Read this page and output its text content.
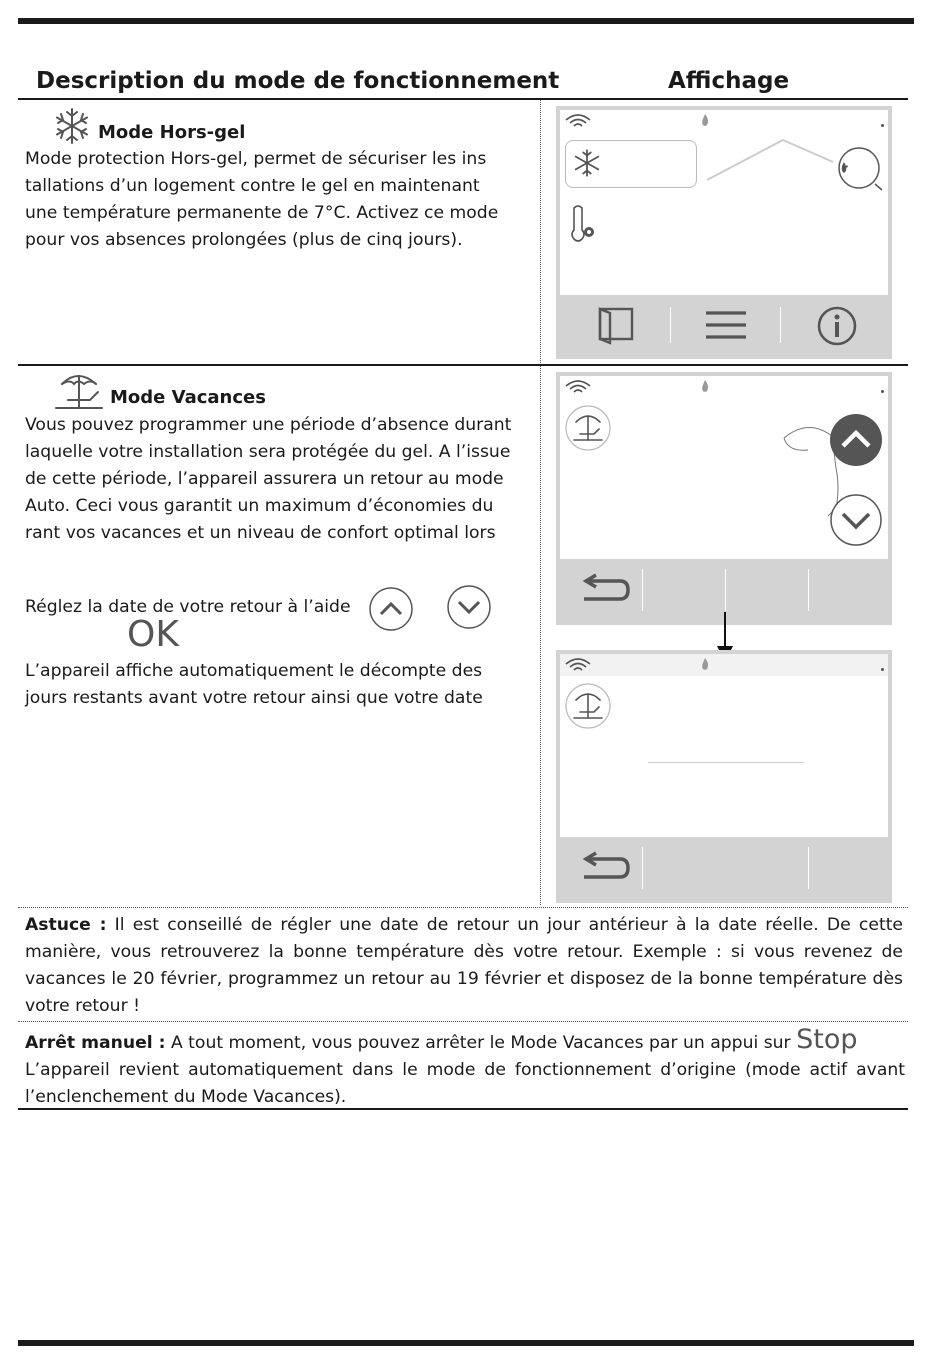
Description du mode de fonctionnement	Affichage
Mode Hors-gel
Mode protection Hors-gel, permet de sécuriser les ins
tallations d’un logement contre le gel en maintenant
une température permanente de 7°C. Activez ce mode
pour vos absences prolongées (plus de cinq jours).
Mode Vacances
Vous pouvez programmer une période d’absence durant
laquelle votre installation sera protégée du gel. A l’issue
de cette période, l’appareil assurera un retour au mode
Auto. Ceci vous garantit un maximum d’économies du
rant vos vacances et un niveau de confort optimal lors
Réglez la date de votre retour à l’aide
OK
L’appareil affiche automatiquement le décompte des
jours restants avant votre retour ainsi que votre date
Astuce : Il est conseillé de régler une date de retour un jour antérieur à la date réelle. De cette manière, vous retrouverez la bonne température dès votre retour. Exemple : si vous revenez de vacances le 20 février, programmez un retour au 19 février et disposez de la bonne température dès votre retour !
Arrêt manuel : A tout moment, vous pouvez arrêter le Mode Vacances par un appui sur Stop
L’appareil revient automatiquement dans le mode de fonctionnement d’origine (mode actif avant l’enclenchement du Mode Vacances).
